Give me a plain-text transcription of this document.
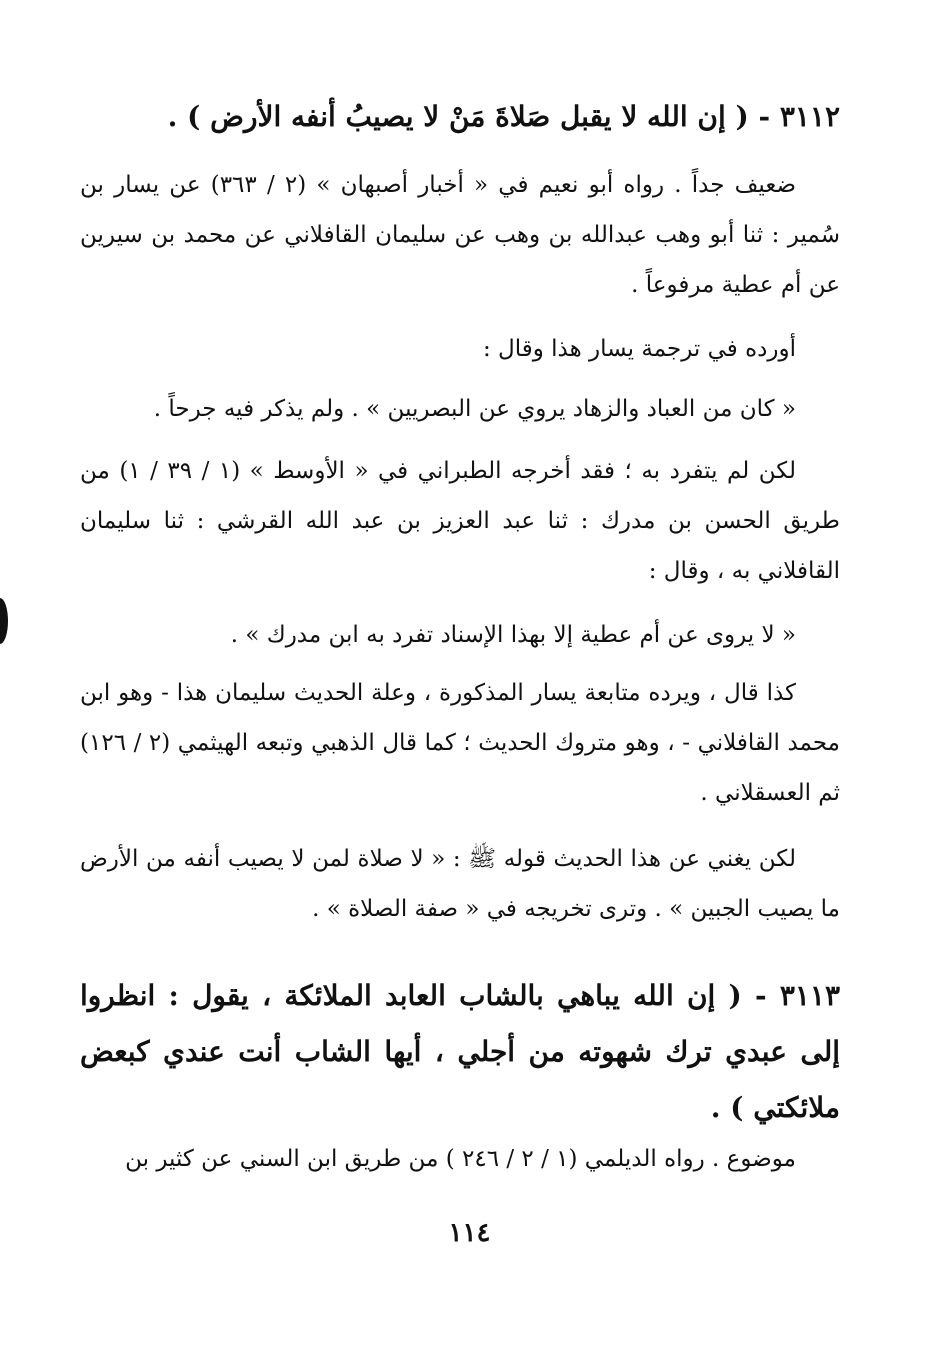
٣١١٢ - ( إن الله لا يقبل صَلاةَ مَنْ لا يصيبُ أنفه الأرض ) .
ضعيف جداً . رواه أبو نعيم في « أخبار أصبهان » (٢ / ٣٦٣) عن يسار بن سُمير : ثنا أبو وهب عبدالله بن وهب عن سليمان القافلاني عن محمد بن سيرين عن أم عطية مرفوعاً .
أورده في ترجمة يسار هذا وقال :
« كان من العباد والزهاد يروي عن البصريين » . ولم يذكر فيه جرحاً .
لكن لم يتفرد به ؛ فقد أخرجه الطبراني في « الأوسط » (١ / ٣٩ / ١) من طريق الحسن بن مدرك : ثنا عبد العزيز بن عبد الله القرشي : ثنا سليمان القافلاني به ، وقال :
« لا يروى عن أم عطية إلا بهذا الإسناد تفرد به ابن مدرك » .
كذا قال ، ويرده متابعة يسار المذكورة ، وعلة الحديث سليمان هذا - وهو ابن محمد القافلاني - ، وهو متروك الحديث ؛ كما قال الذهبي وتبعه الهيثمي (٢ / ١٢٦) ثم العسقلاني .
لكن يغني عن هذا الحديث قوله ﷺ : « لا صلاة لمن لا يصيب أنفه من الأرض ما يصيب الجبين » . وترى تخريجه في « صفة الصلاة » .
٣١١٣ - ( إن الله يباهي بالشاب العابد الملائكة ، يقول : انظروا إلى عبدي ترك شهوته من أجلي ، أيها الشاب أنت عندي كبعض ملائكتي ) .
موضوع . رواه الديلمي (١ / ٢ / ٢٤٦ ) من طريق ابن السني عن كثير بن
١١٤
